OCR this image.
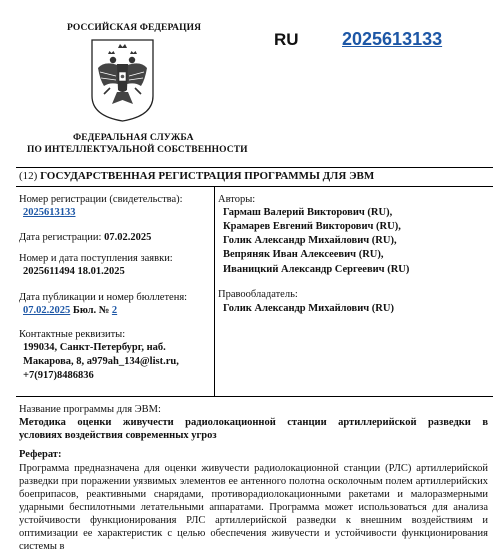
РОССИЙСКАЯ ФЕДЕРАЦИЯ
ФЕДЕРАЛЬНАЯ СЛУЖБА
ПО ИНТЕЛЛЕКТУАЛЬНОЙ СОБСТВЕННОСТИ
RU 2025613133
(12) ГОСУДАРСТВЕННАЯ РЕГИСТРАЦИЯ ПРОГРАММЫ ДЛЯ ЭВМ
Номер регистрации (свидетельства):
2025613133
Дата регистрации: 07.02.2025
Номер и дата поступления заявки:
2025611494 18.01.2025
Дата публикации и номер бюллетеня:
07.02.2025 Бюл. № 2
Контактные реквизиты:
199034, Санкт-Петербург, наб.
Макарова, 8, a979ah_134@list.ru,
+7(917)8486836
Авторы:
Гармаш Валерий Викторович (RU),
Крамарев Евгений Викторович (RU),
Голик Александр Михайлович (RU),
Вепряняк Иван Алексеевич (RU),
Иваницкий Александр Сергеевич (RU)
Правообладатель:
Голик Александр Михайлович (RU)
Название программы для ЭВМ:
Методика оценки живучести радиолокационной станции артиллерийской разведки в
условиях воздействия современных угроз
Реферат:
Программа предназначена для оценки живучести радиолокационной станции (РЛС) артиллерийской разведки при поражении уязвимых элементов ее антенного полотна осколочным полем артиллерийских боеприпасов, реактивными снарядами, противорадиолокационными ракетами и малоразмерными ударными беспилотными летательными аппаратами. Программа может использоваться для анализа устойчивости функционирования РЛС артиллерийской разведки к внешним воздействиям и оптимизации ее характеристик с целью обеспечения живучести и устойчивости функционирования системы в
